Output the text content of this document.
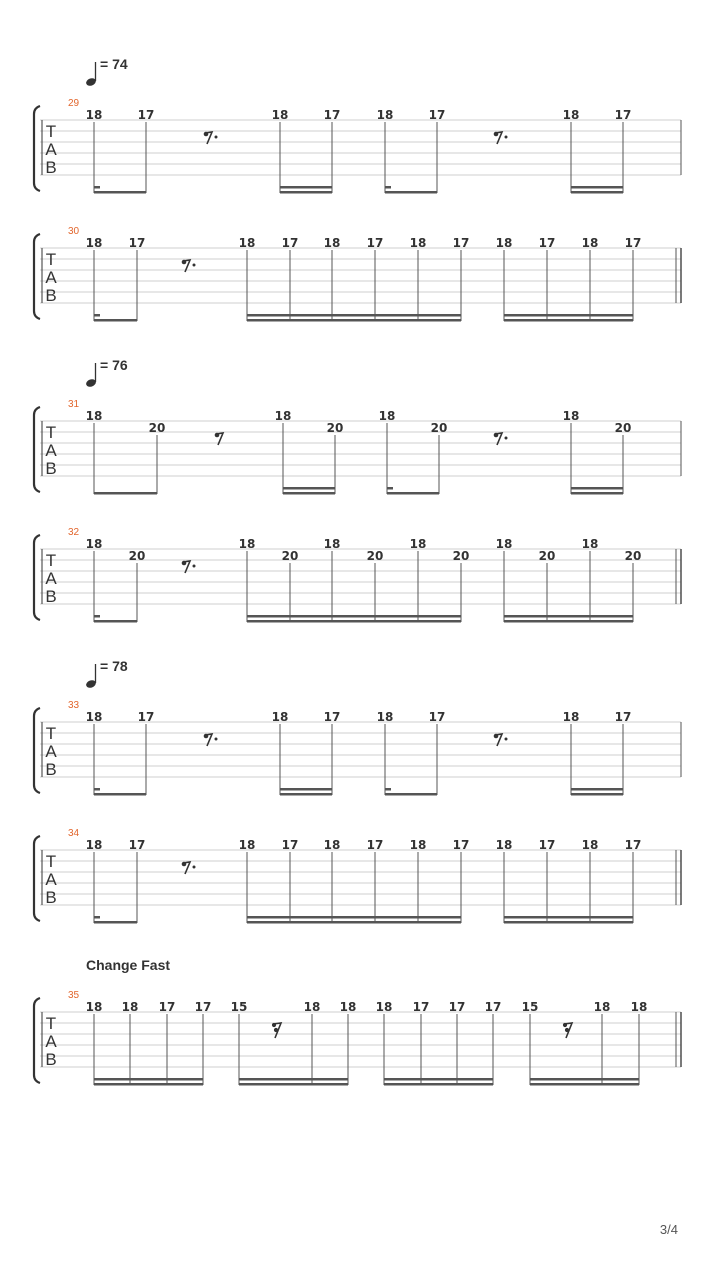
T
A
B
29
= 74
18	17	18	17	18	17	18	17
T
A
B
30
18 17	18 17 18 17 18 17 18 17 18 17
T
A
B
31
= 76
18
20
18
20
18
20
18
20
T
A
B
32
18
20
18
20
18
20
18
20
18
20
18
20
T
A
B
33
= 78
18	17	18	17	18	17	18	17
T
A
B
34
18 17	18 17 18 17 18 17 18 17 18 17
T
A
B
35
Change Fast
18 18 17 17 15	18 18 18 17 17 17 15	18 18
3/4
